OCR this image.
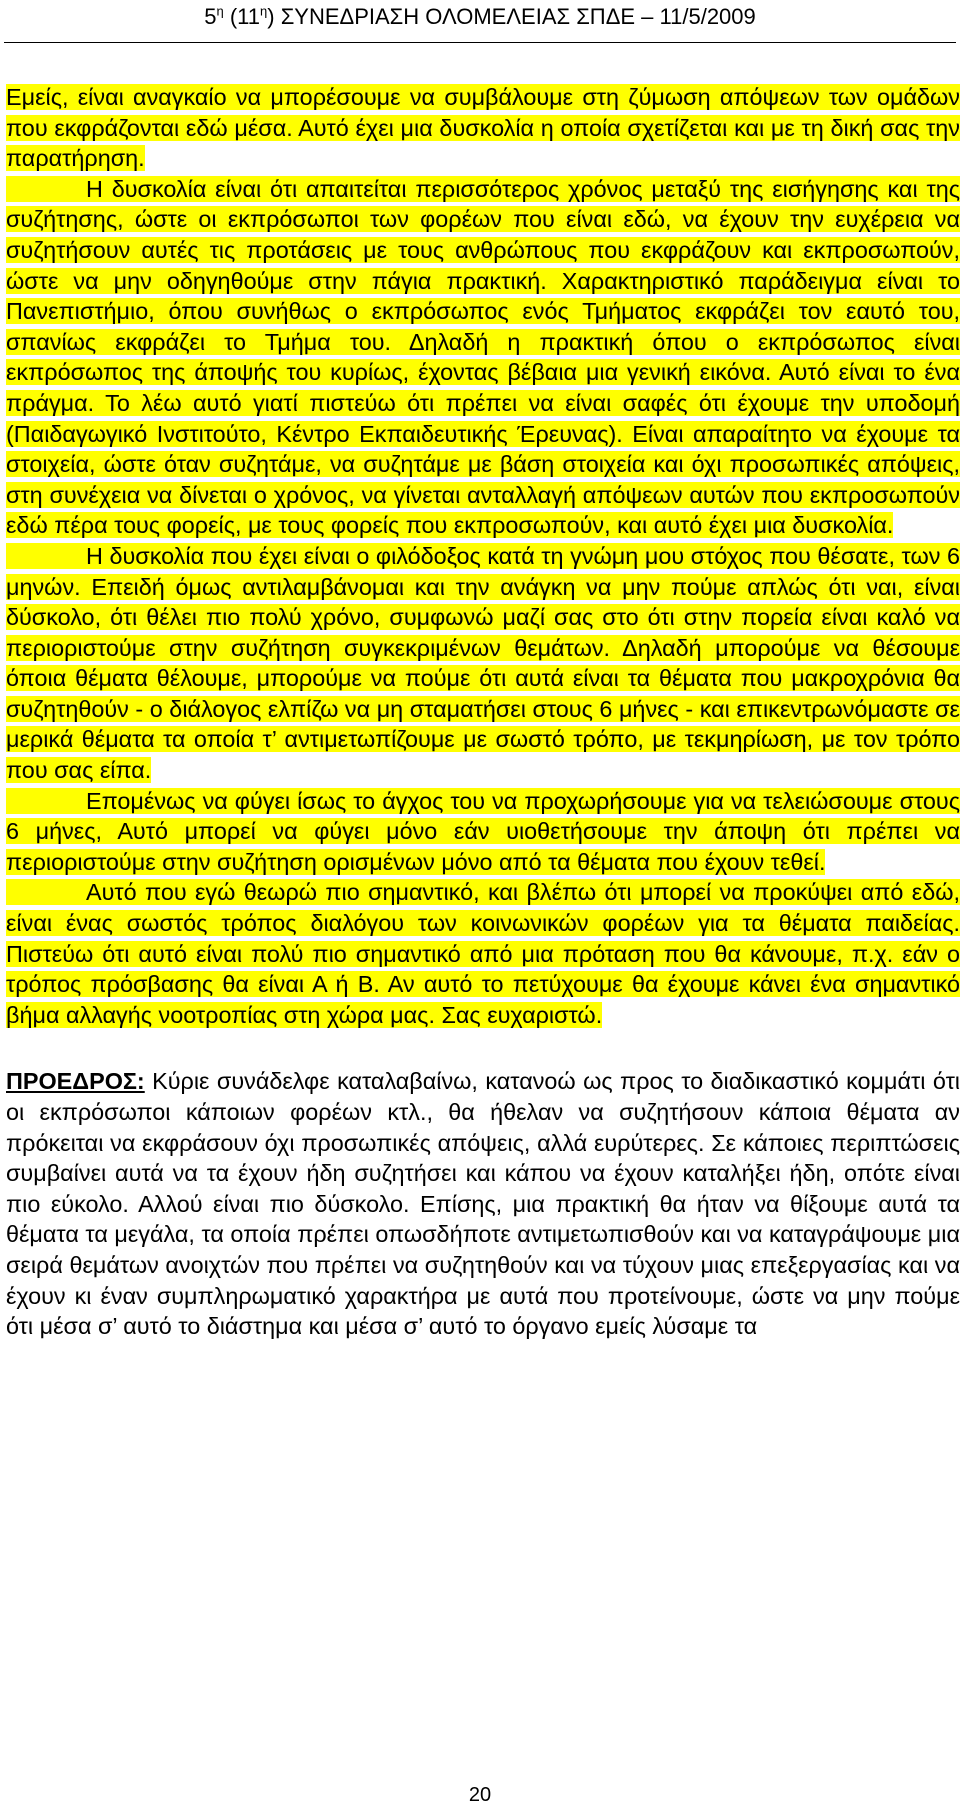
$5^\eta$ $(11^\eta)$ ΣΥΝΕΔΡΙΑΣΗ ΟΛΟΜΕΛΕΙΑΣ ΣΠΔΕ – 11/5/2009

Εμείς, είναι αναγκαίο να μπορέσουμε να συμβάλουμε στη ζύμωση απόψεων των ομάδων που εκφράζονται εδώ μέσα. Αυτό έχει μια δυσκολία η οποία σχετίζεται και με τη δική σας την παρατήρηση.

Η δυσκολία είναι ότι απαιτείται περισσότερος χρόνος μεταξύ της εισήγησης και της συζήτησης, ώστε οι εκπρόσωποι των φορέων που είναι εδώ, να έχουν την ευχέρεια να συζητήσουν αυτές τις προτάσεις με τους ανθρώπους που εκφράζουν και εκπροσωπούν, ώστε να μην οδηγηθούμε στην πάγια πρακτική. Χαρακτηριστικό παράδειγμα είναι το Πανεπιστήμιο, όπου συνήθως ο εκπρόσωπος ενός Τμήματος εκφράζει τον εαυτό του, σπανίως εκφράζει το Τμήμα του. Δηλαδή η πρακτική όπου ο εκπρόσωπος είναι εκπρόσωπος της άποψής του κυρίως, έχοντας βέβαια μια γενική εικόνα. Αυτό είναι το ένα πράγμα. Το λέω αυτό γιατί πιστεύω ότι πρέπει να είναι σαφές ότι έχουμε την υποδομή (Παιδαγωγικό Ινστιτούτο, Κέντρο Εκπαιδευτικής Έρευνας). Είναι απαραίτητο να έχουμε τα στοιχεία, ώστε όταν συζητάμε, να συζητάμε με βάση στοιχεία και όχι προσωπικές απόψεις, στη συνέχεια να δίνεται ο χρόνος, να γίνεται ανταλλαγή απόψεων αυτών που εκπροσωπούν εδώ πέρα τους φορείς, με τους φορείς που εκπροσωπούν, και αυτό έχει μια δυσκολία.

Η δυσκολία που έχει είναι ο φιλόδοξος κατά τη γνώμη μου στόχος που θέσατε, των 6 μηνών. Επειδή όμως αντιλαμβάνομαι και την ανάγκη να μην πούμε απλώς ότι ναι, είναι δύσκολο, ότι θέλει πιο πολύ χρόνο, συμφωνώ μαζί σας στο ότι στην πορεία είναι καλό να περιοριστούμε στην συζήτηση συγκεκριμένων θεμάτων. Δηλαδή μπορούμε να θέσουμε όποια θέματα θέλουμε, μπορούμε να πούμε ότι αυτά είναι τα θέματα που μακροχρόνια θα συζητηθούν - ο διάλογος ελπίζω να μη σταματήσει στους 6 μήνες - και επικεντρωνόμαστε σε μερικά θέματα τα οποία τ’ αντιμετωπίζουμε με σωστό τρόπο, με τεκμηρίωση, με τον τρόπο που σας είπα.

Επομένως να φύγει ίσως το άγχος του να προχωρήσουμε για να τελειώσουμε στους 6 μήνες, Αυτό μπορεί να φύγει μόνο εάν υιοθετήσουμε την άποψη ότι πρέπει να περιοριστούμε στην συζήτηση ορισμένων μόνο από τα θέματα που έχουν τεθεί.

Αυτό που εγώ θεωρώ πιο σημαντικό, και βλέπω ότι μπορεί να προκύψει από εδώ, είναι ένας σωστός τρόπος διαλόγου των κοινωνικών φορέων για τα θέματα παιδείας. Πιστεύω ότι αυτό είναι πολύ πιο σημαντικό από μια πρόταση που θα κάνουμε, π.χ. εάν ο τρόπος πρόσβασης θα είναι Α ή Β. Αν αυτό το πετύχουμε θα έχουμε κάνει ένα σημαντικό βήμα αλλαγής νοοτροπίας στη χώρα μας. Σας ευχαριστώ.

ΠΡΟΕΔΡΟΣ: Κύριε συνάδελφε καταλαβαίνω, κατανοώ ως προς το διαδικαστικό κομμάτι ότι οι εκπρόσωποι κάποιων φορέων κτλ., θα ήθελαν να συζητήσουν κάποια θέματα αν πρόκειται να εκφράσουν όχι προσωπικές απόψεις, αλλά ευρύτερες. Σε κάποιες περιπτώσεις συμβαίνει αυτά να τα έχουν ήδη συζητήσει και κάπου να έχουν καταλήξει ήδη, οπότε είναι πιο εύκολο. Αλλού είναι πιο δύσκολο. Επίσης, μια πρακτική θα ήταν να θίξουμε αυτά τα θέματα τα μεγάλα, τα οποία πρέπει οπωσδήποτε αντιμετωπισθούν και να καταγράψουμε μια σειρά θεμάτων ανοιχτών που πρέπει να συζητηθούν και να τύχουν μιας επεξεργασίας και να έχουν κι έναν συμπληρωματικό χαρακτήρα με αυτά που προτείνουμε, ώστε να μην πούμε ότι μέσα σ’ αυτό το διάστημα και μέσα σ’ αυτό το όργανο εμείς λύσαμε τα

20
